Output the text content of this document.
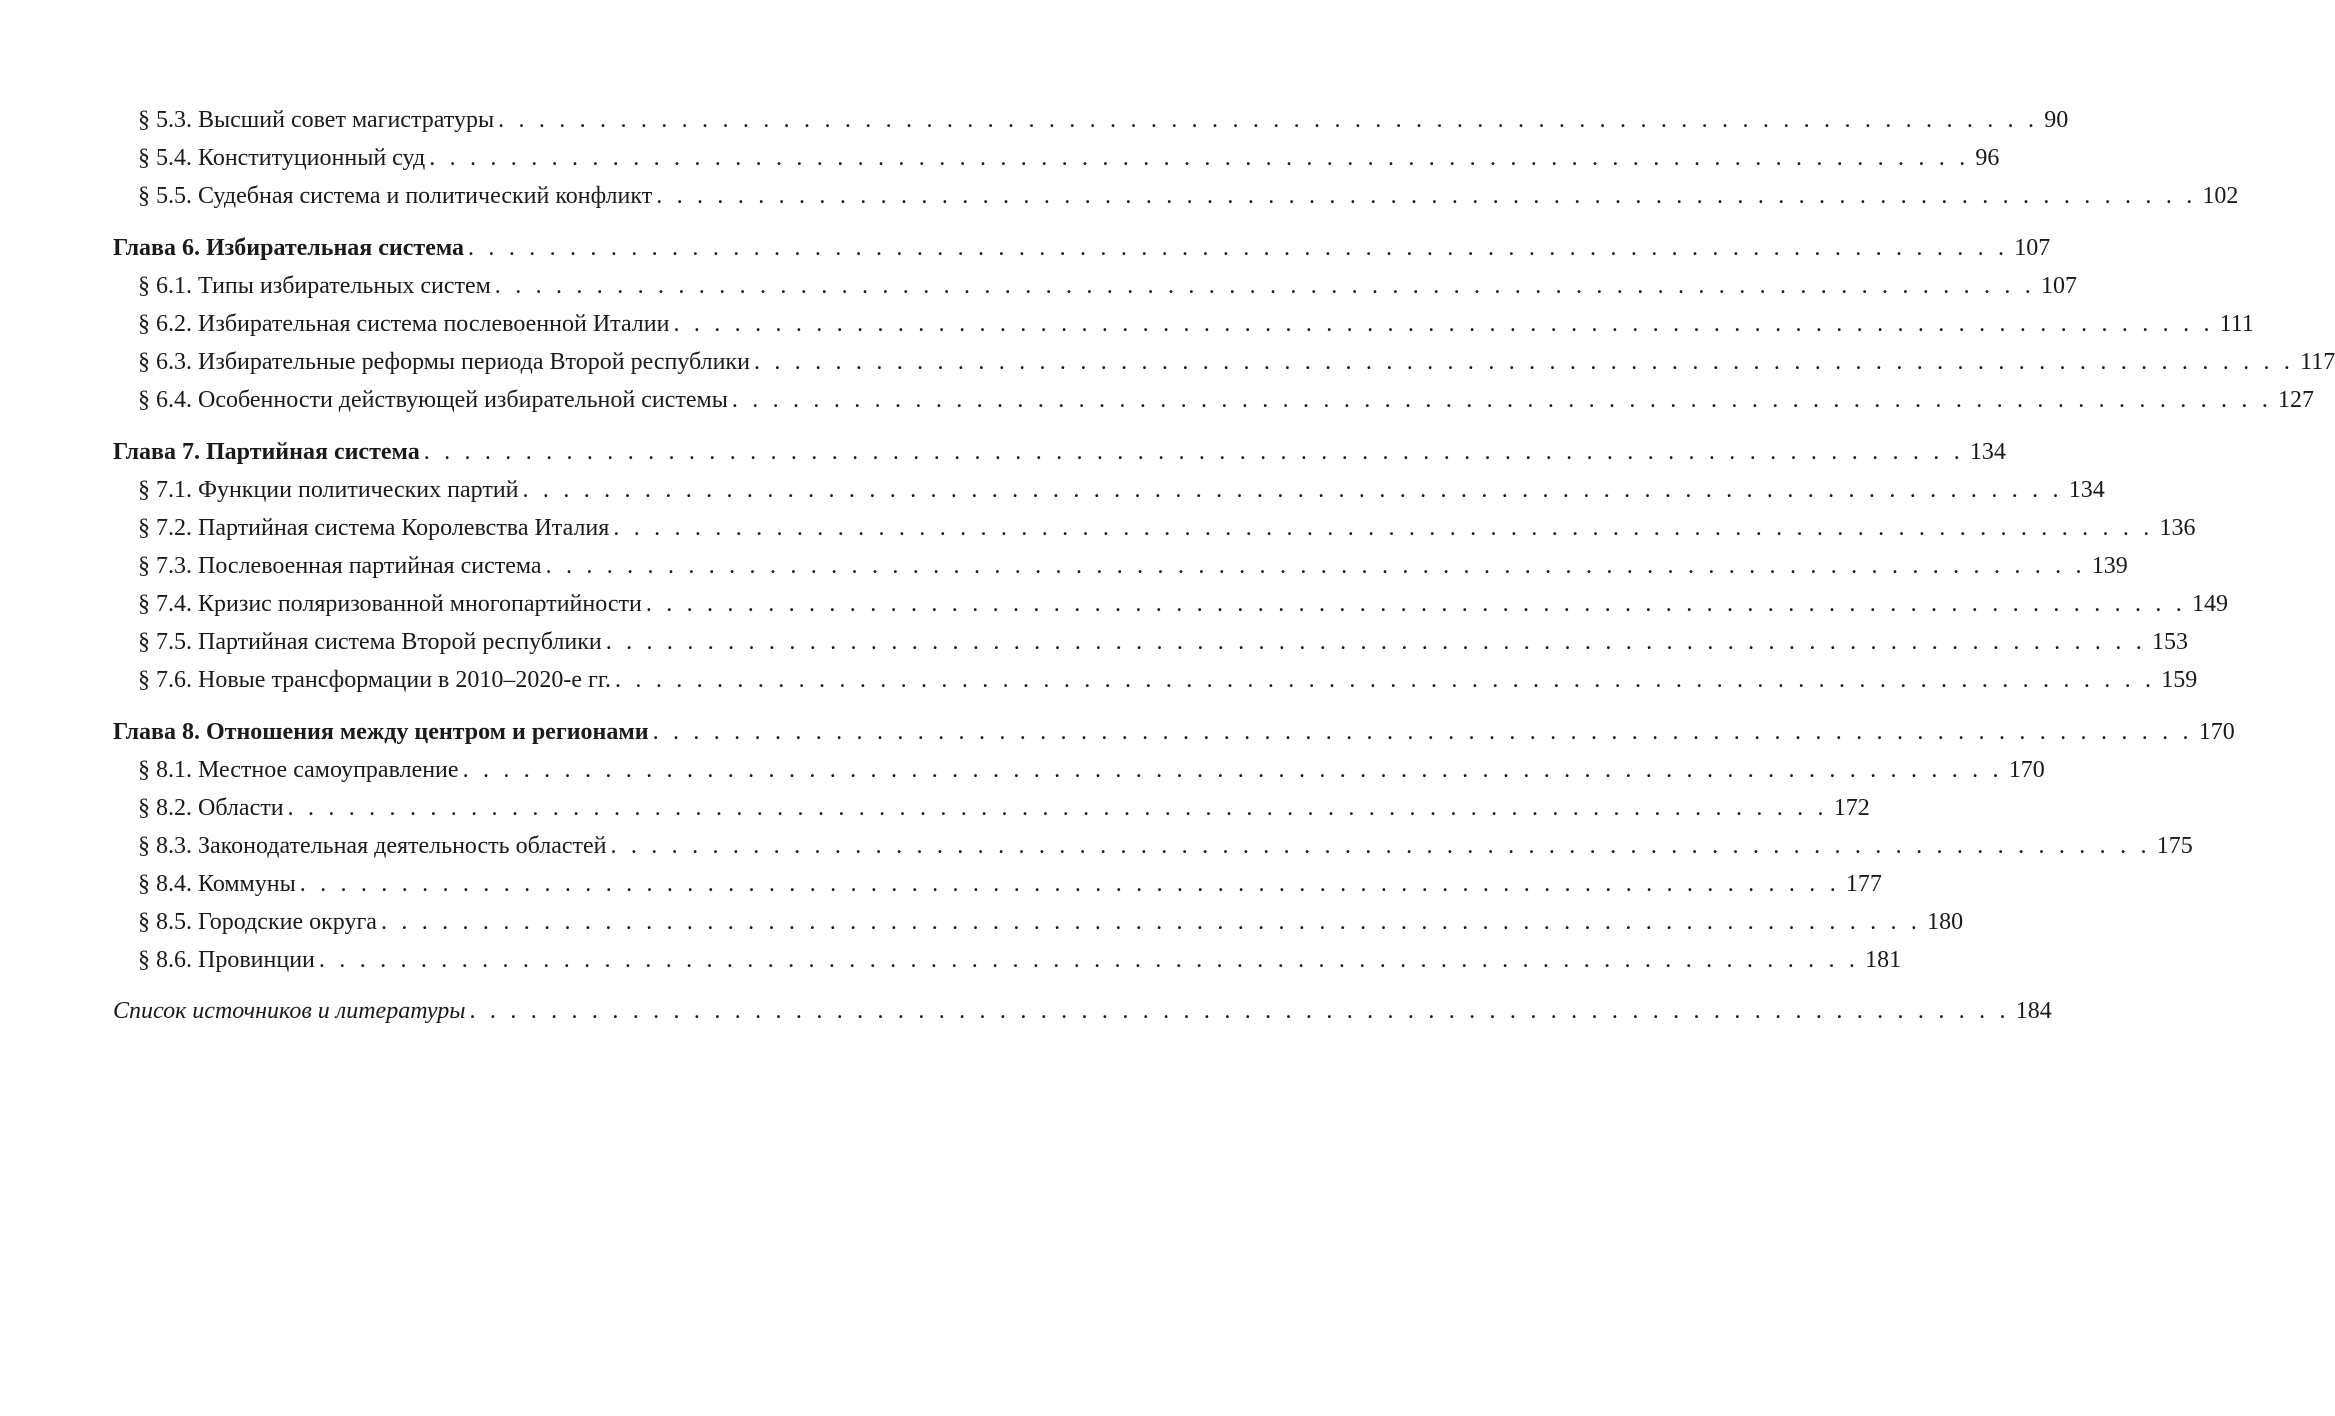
§ 5.3. Высший совет магистратуры . . . . . . . . . . . . . . . . . . . . . . . . . . . . . . . . . . . . . . . . . . . . . . . . . . . . . . . . . . . . . . . . . . . . . . . . . . . . 90
§ 5.4. Конституционный суд . . . . . . . . . . . . . . . . . . . . . . . . . . . . . . . . . . . . . . . . . . . . . . . . . . . . . . . . . . . . . . . . . . . . . . . . . . . . 96
§ 5.5. Судебная система и политический конфликт . . . . . . . . . . . . . . . . . . . . . . . . . . . . . . . . . . . . . . . . . . . . . . . . . . . . . . . . . . . . . . . . . . . . . . . . . . . . 102
Глава 6. Избирательная система . . . . . . . . . . . . . . . . . . . . . . . . . . . . . . . . . . . . . . . . . . . . . . . . . . . . . . . . . . . . . . . . . . . . . . . . . . . . 107
§ 6.1. Типы избирательных систем . . . . . . . . . . . . . . . . . . . . . . . . . . . . . . . . . . . . . . . . . . . . . . . . . . . . . . . . . . . . . . . . . . . . . . . . . . . . 107
§ 6.2. Избирательная система послевоенной Италии . . . . . . . . . . . . . . . . . . . . . . . . . . . . . . . . . . . . . . . . . . . . . . . . . . . . . . . . . . . . . . . . . . . . . . . . . . . . 111
§ 6.3. Избирательные реформы периода Второй республики . . . . . . . . . . . . . . . . . . . . . . . . . . . . . . . . . . . . . . . . . . . . . . . . . . . . . . . . . . . . . . . . . . . . . . . . . . . . 117
§ 6.4. Особенности действующей избирательной системы . . . . . . . . . . . . . . . . . . . . . . . . . . . . . . . . . . . . . . . . . . . . . . . . . . . . . . . . . . . . . . . . . . . . . . . . . . . . 127
Глава 7. Партийная система . . . . . . . . . . . . . . . . . . . . . . . . . . . . . . . . . . . . . . . . . . . . . . . . . . . . . . . . . . . . . . . . . . . . . . . . . . . . 134
§ 7.1. Функции политических партий . . . . . . . . . . . . . . . . . . . . . . . . . . . . . . . . . . . . . . . . . . . . . . . . . . . . . . . . . . . . . . . . . . . . . . . . . . . . 134
§ 7.2. Партийная система Королевства Италия . . . . . . . . . . . . . . . . . . . . . . . . . . . . . . . . . . . . . . . . . . . . . . . . . . . . . . . . . . . . . . . . . . . . . . . . . . . . 136
§ 7.3. Послевоенная партийная система . . . . . . . . . . . . . . . . . . . . . . . . . . . . . . . . . . . . . . . . . . . . . . . . . . . . . . . . . . . . . . . . . . . . . . . . . . . . 139
§ 7.4. Кризис поляризованной многопартийности . . . . . . . . . . . . . . . . . . . . . . . . . . . . . . . . . . . . . . . . . . . . . . . . . . . . . . . . . . . . . . . . . . . . . . . . . . . . 149
§ 7.5. Партийная система Второй республики . . . . . . . . . . . . . . . . . . . . . . . . . . . . . . . . . . . . . . . . . . . . . . . . . . . . . . . . . . . . . . . . . . . . . . . . . . . . 153
§ 7.6. Новые трансформации в 2010–2020-е гг. . . . . . . . . . . . . . . . . . . . . . . . . . . . . . . . . . . . . . . . . . . . . . . . . . . . . . . . . . . . . . . . . . . . . . . . . . . . . 159
Глава 8. Отношения между центром и регионами . . . . . . . . . . . . . . . . . . . . . . . . . . . . . . . . . . . . . . . . . . . . . . . . . . . . . . . . . . . . . . . . . . . . . . . . . . . . 170
§ 8.1. Местное самоуправление . . . . . . . . . . . . . . . . . . . . . . . . . . . . . . . . . . . . . . . . . . . . . . . . . . . . . . . . . . . . . . . . . . . . . . . . . . . . 170
§ 8.2. Области . . . . . . . . . . . . . . . . . . . . . . . . . . . . . . . . . . . . . . . . . . . . . . . . . . . . . . . . . . . . . . . . . . . . . . . . . . . . 172
§ 8.3. Законодательная деятельность областей . . . . . . . . . . . . . . . . . . . . . . . . . . . . . . . . . . . . . . . . . . . . . . . . . . . . . . . . . . . . . . . . . . . . . . . . . . . . 175
§ 8.4. Коммуны . . . . . . . . . . . . . . . . . . . . . . . . . . . . . . . . . . . . . . . . . . . . . . . . . . . . . . . . . . . . . . . . . . . . . . . . . . . . 177
§ 8.5. Городские округа . . . . . . . . . . . . . . . . . . . . . . . . . . . . . . . . . . . . . . . . . . . . . . . . . . . . . . . . . . . . . . . . . . . . . . . . . . . . 180
§ 8.6. Провинции . . . . . . . . . . . . . . . . . . . . . . . . . . . . . . . . . . . . . . . . . . . . . . . . . . . . . . . . . . . . . . . . . . . . . . . . . . . . 181
Список источников и литературы . . . . . . . . . . . . . . . . . . . . . . . . . . . . . . . . . . . . . . . . . . . . . . . . . . . . . . . . . . . . . . . . . . . . . . . . . . . . 184
